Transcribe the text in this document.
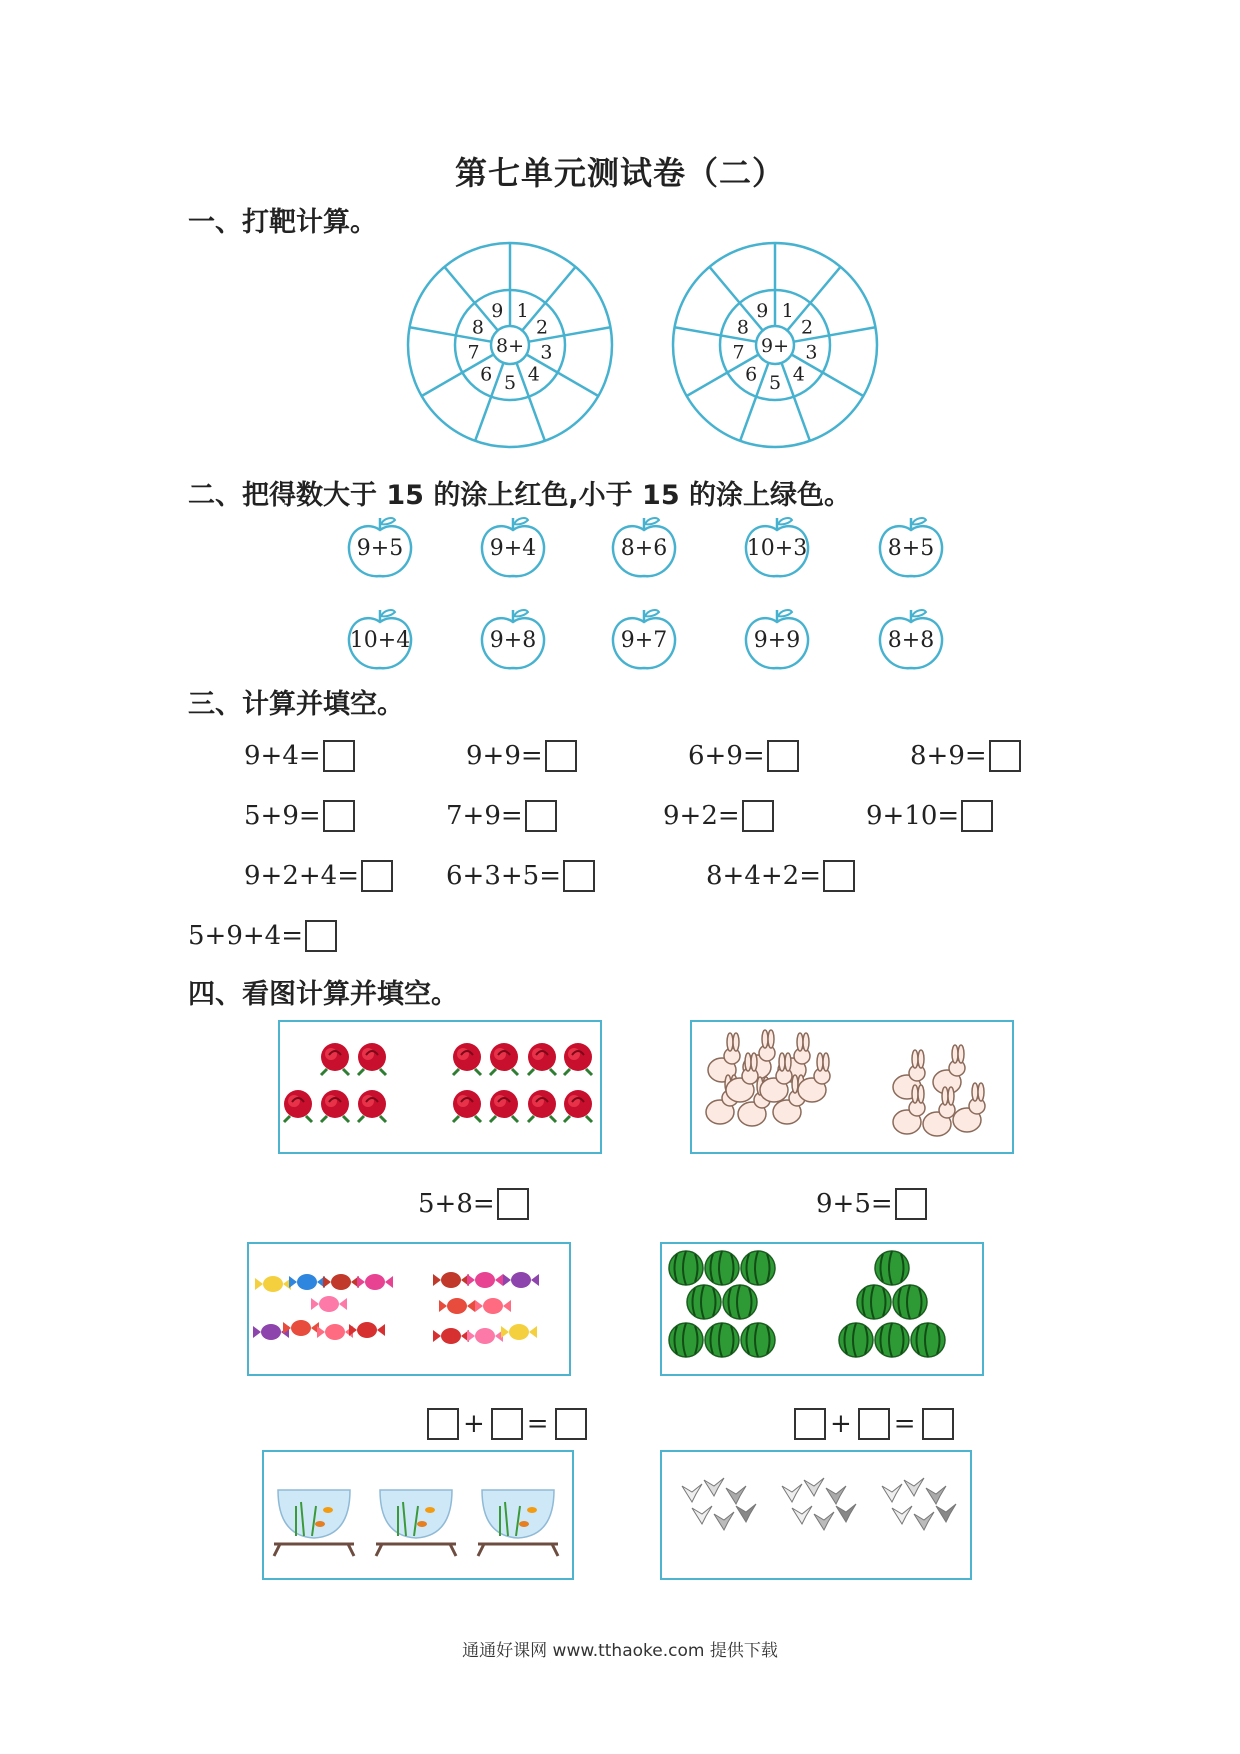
第七单元测试卷（二）
一、打靶计算。
8+
1
2
3
4
5
6
7
8
9
9+
1
2
3
4
5
6
7
8
9
二、把得数大于 15 的涂上红色,小于 15 的涂上绿色。
9+5	9+4	8+6	10+3	8+5
10+4	9+8	9+7	9+9	8+8
三、计算并填空。
9+4=	9+9=	6+9=	8+9=
5+9=	7+9=	9+2=	9+10=
9+2+4=	6+3+5=	8+4+2=
5+9+4=
四、看图计算并填空。
5+8=	9+5=
+ =	+ =
通通好课网 www.tthaoke.com 提供下载
